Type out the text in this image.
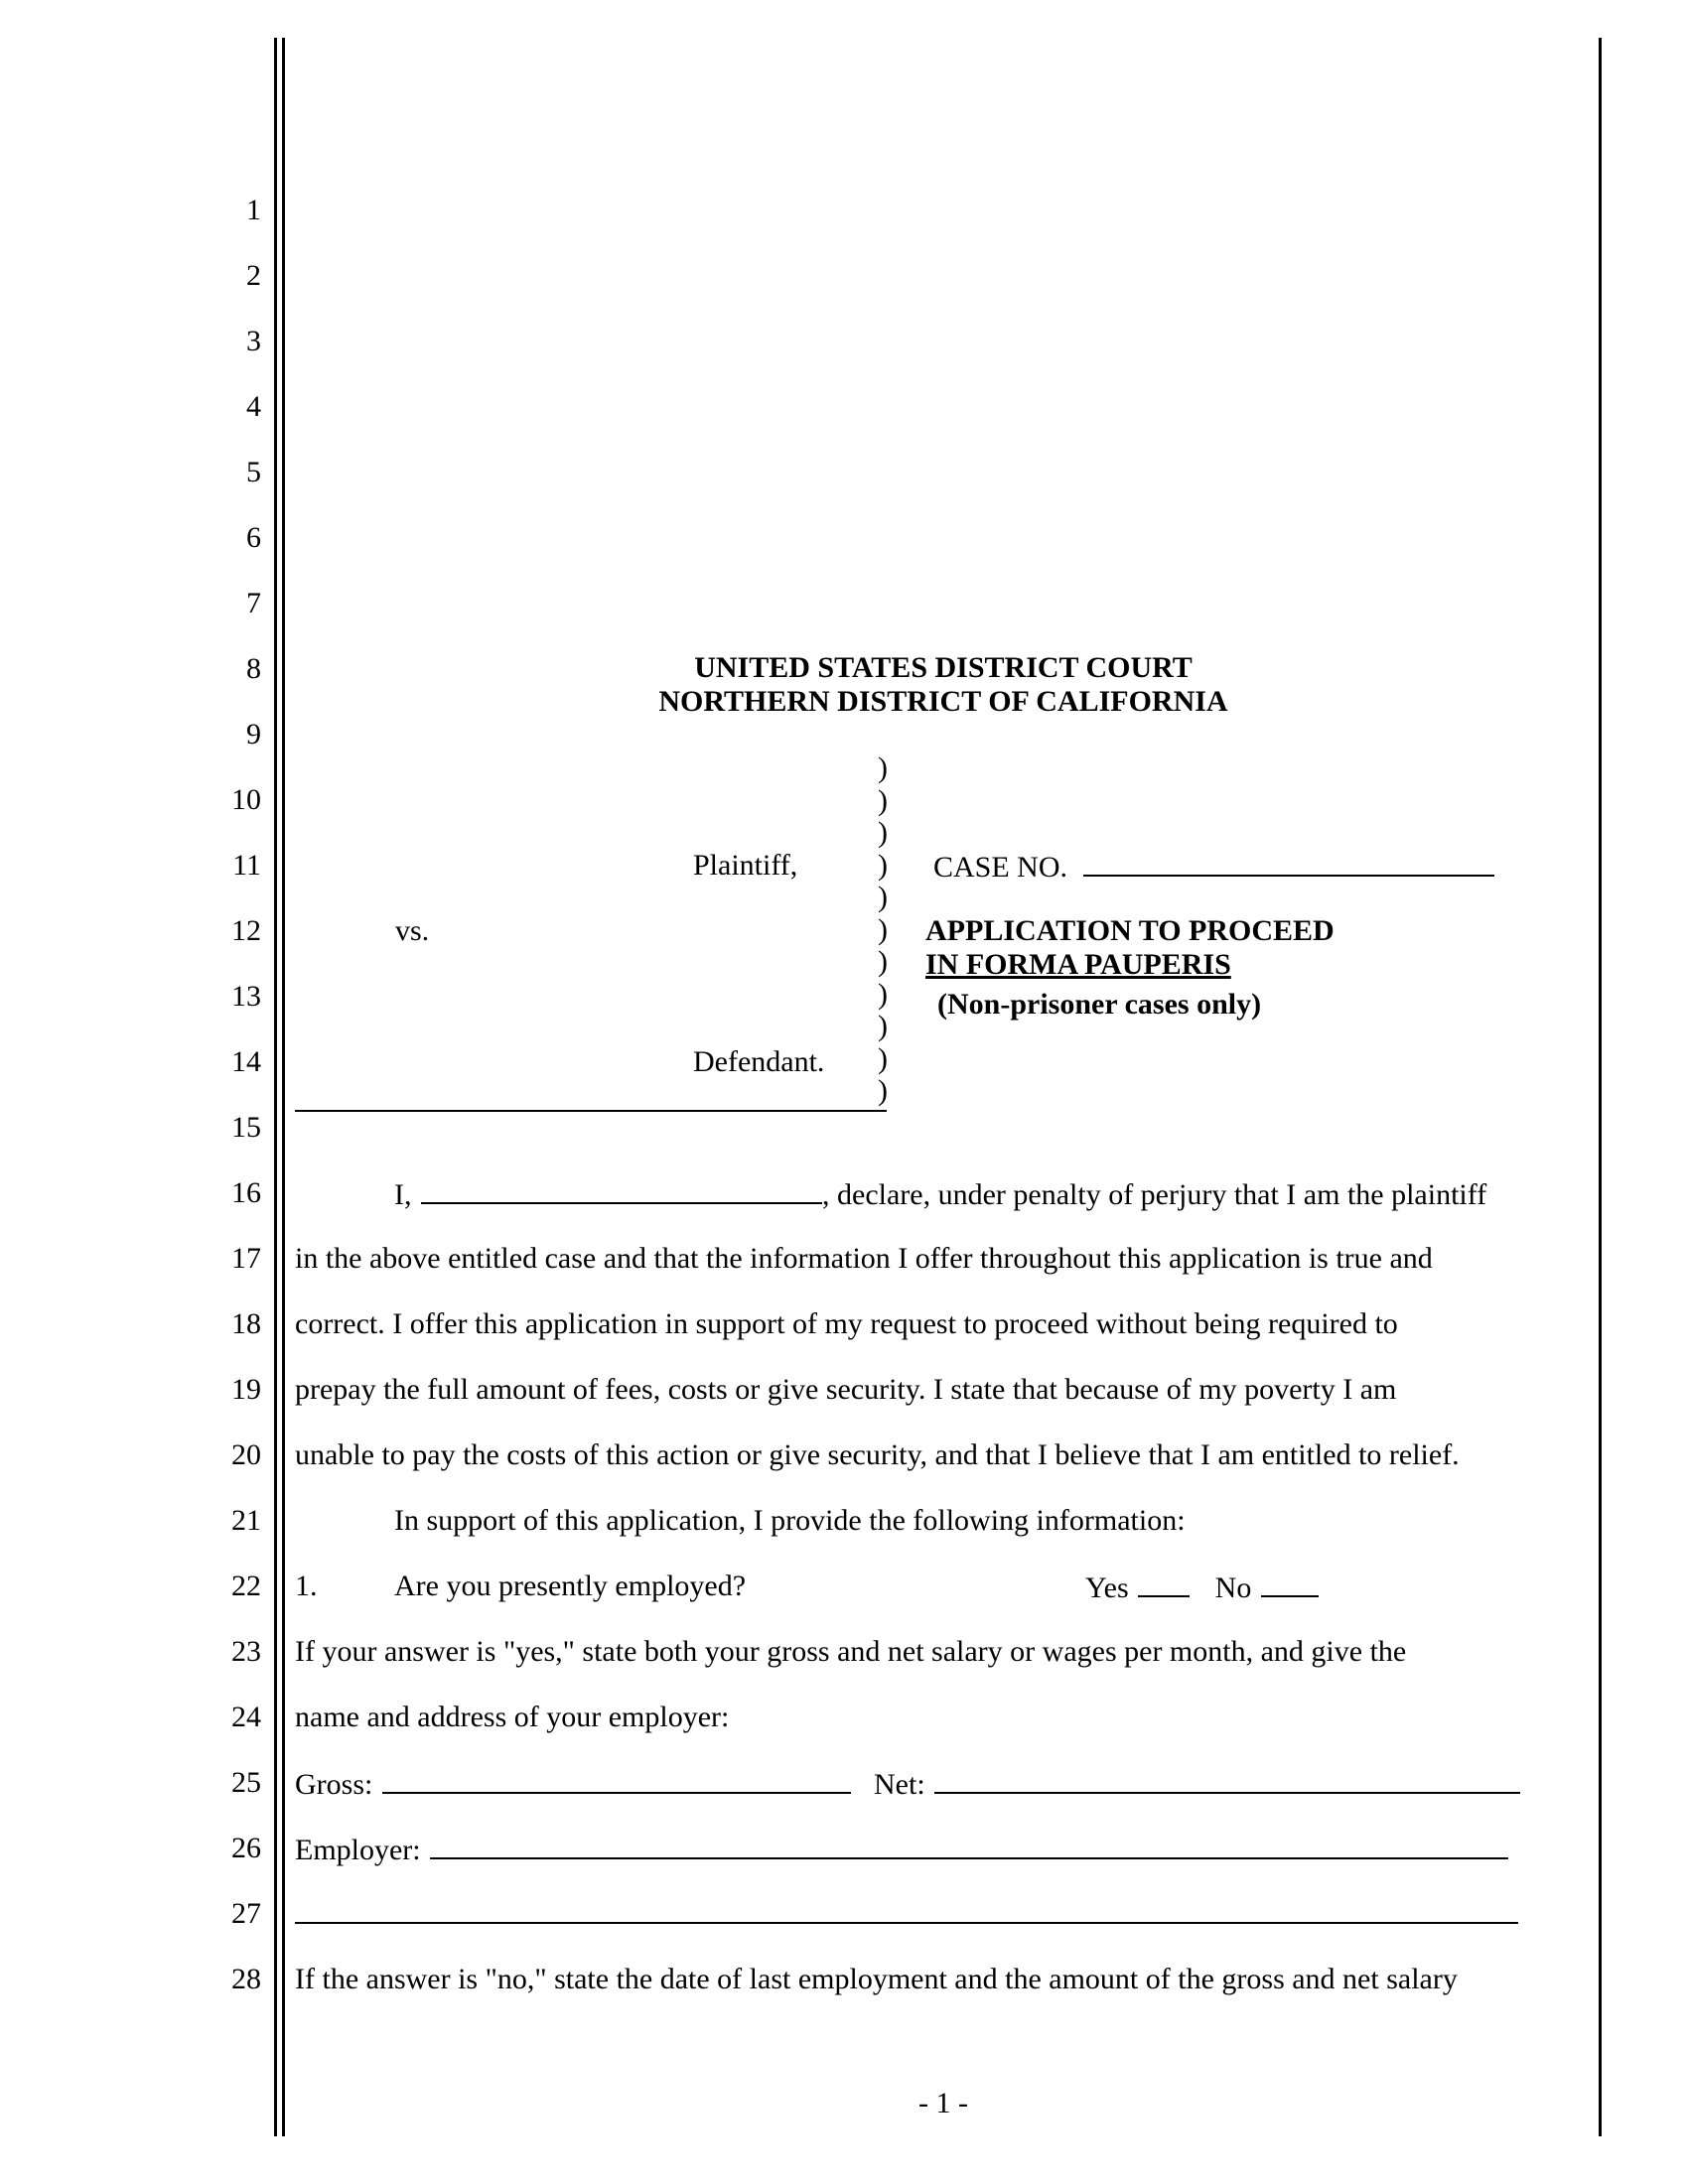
1
2
3
4
5
6
7
8
9
10
11
12
13
14
15
16
17
18
19
20
21
22
23
24
25
26
27
28
UNITED STATES DISTRICT COURT
NORTHERN DISTRICT OF CALIFORNIA
)
)
)
)
)
)
)
)
)
)
)
Plaintiff,
vs.
Defendant.
CASE NO.
APPLICATION TO PROCEED
IN FORMA PAUPERIS
(Non-prisoner cases only)
I,	, declare, under penalty of perjury that I am the plaintiff
in the above entitled case and that the information I offer throughout this application is true and
correct. I offer this application in support of my request to proceed without being required to
prepay the full amount of fees, costs or give security. I state that because of my poverty I am
unable to pay the costs of this action or give security, and that I believe that I am entitled to relief.
In support of this application, I provide the following information:
1.	Are you presently employed?	Yes	No
If your answer is "yes," state both your gross and net salary or wages per month, and give the
name and address of your employer:
Gross:	Net:
Employer:
If the answer is "no," state the date of last employment and the amount of the gross and net salary
- 1 -
